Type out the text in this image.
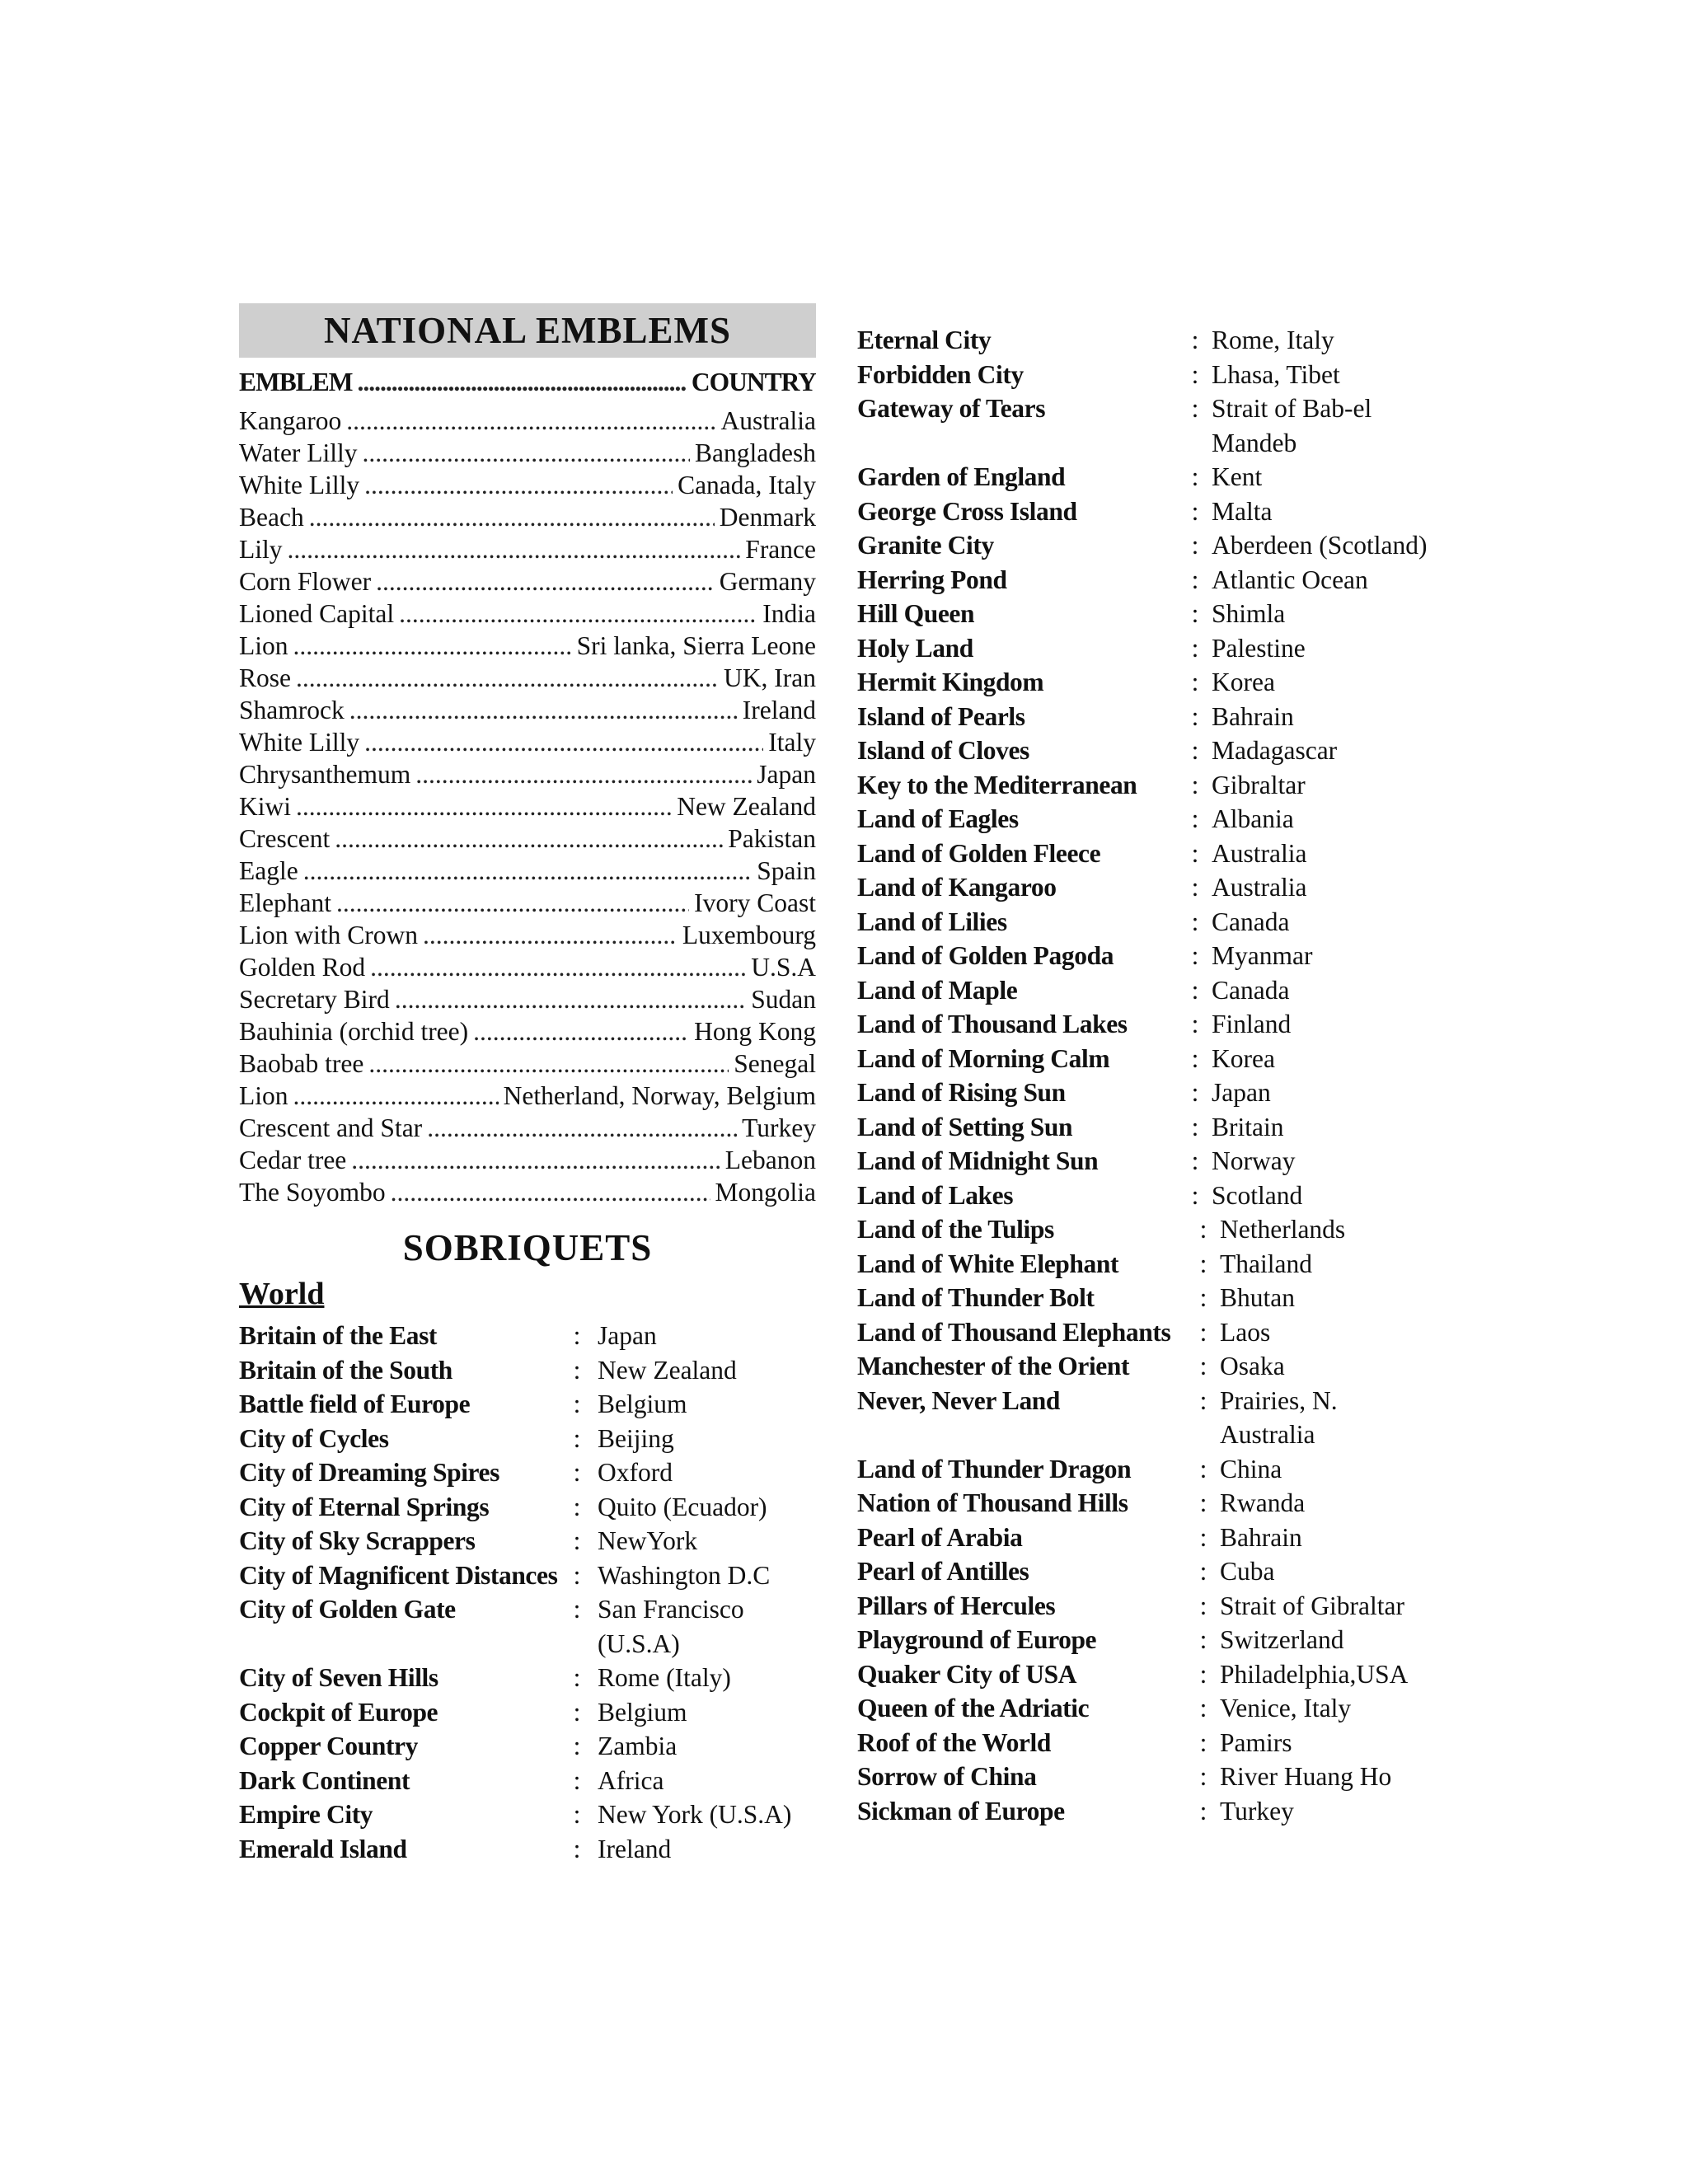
NATIONAL EMBLEMS
EMBLEM .....	COUNTRY
Kangaroo .....	Australia
Water Lilly .....	Bangladesh
White Lilly .....	Canada, Italy
Beach .....	Denmark
Lily .....	France
Corn Flower .....	Germany
Lioned Capital .....	India
Lion .....	Sri lanka, Sierra Leone
Rose .....	UK, Iran
Shamrock .....	Ireland
White Lilly .....	Italy
Chrysanthemum .....	Japan
Kiwi .....	New Zealand
Crescent .....	Pakistan
Eagle .....	Spain
Elephant .....	Ivory Coast
Lion with Crown .....	Luxembourg
Golden Rod .....	U.S.A
Secretary Bird .....	Sudan
Bauhinia (orchid tree) .....	Hong Kong
Baobab tree .....	Senegal
Lion .....	Netherland, Norway, Belgium
Crescent and Star .....	Turkey
Cedar tree .....	Lebanon
The Soyombo .....	Mongolia
SOBRIQUETS
World
Britain of the East	: Japan
Britain of the South	: New Zealand
Battle field of Europe	: Belgium
City of Cycles	: Beijing
City of Dreaming Spires	: Oxford
City of Eternal Springs	: Quito (Ecuador)
City of Sky Scrappers	: NewYork
City of Magnificent Distances : Washington D.C
City of Golden Gate	: San Francisco (U.S.A)
City of Seven Hills	: Rome (Italy)
Cockpit of Europe	: Belgium
Copper Country	: Zambia
Dark Continent	: Africa
Empire City	: New York (U.S.A)
Emerald Island	: Ireland
Eternal City	: Rome, Italy
Forbidden City	: Lhasa, Tibet
Gateway of Tears	: Strait of Bab-el Mandeb
Garden of England	: Kent
George Cross Island	: Malta
Granite City	: Aberdeen (Scotland)
Herring Pond	: Atlantic Ocean
Hill Queen	: Shimla
Holy Land	: Palestine
Hermit Kingdom	: Korea
Island of Pearls	: Bahrain
Island of Cloves	: Madagascar
Key to the Mediterranean	: Gibraltar
Land of Eagles	: Albania
Land of Golden Fleece	: Australia
Land of Kangaroo	: Australia
Land of Lilies	: Canada
Land of Golden Pagoda	: Myanmar
Land of Maple	: Canada
Land of Thousand Lakes	: Finland
Land of Morning Calm	: Korea
Land of Rising Sun	: Japan
Land of Setting Sun	: Britain
Land of Midnight Sun	: Norway
Land of Lakes	: Scotland
Land of the Tulips	: Netherlands
Land of White Elephant	: Thailand
Land of Thunder Bolt	: Bhutan
Land of Thousand Elephants	: Laos
Manchester of the Orient	: Osaka
Never, Never Land	: Prairies, N. Australia
Land of Thunder Dragon	: China
Nation of Thousand Hills	: Rwanda
Pearl of Arabia	: Bahrain
Pearl of Antilles	: Cuba
Pillars of Hercules	: Strait of Gibraltar
Playground of Europe	: Switzerland
Quaker City of USA	: Philadelphia,USA
Queen of the Adriatic	: Venice, Italy
Roof of the World	: Pamirs
Sorrow of China	: River Huang Ho
Sickman of Europe	: Turkey
